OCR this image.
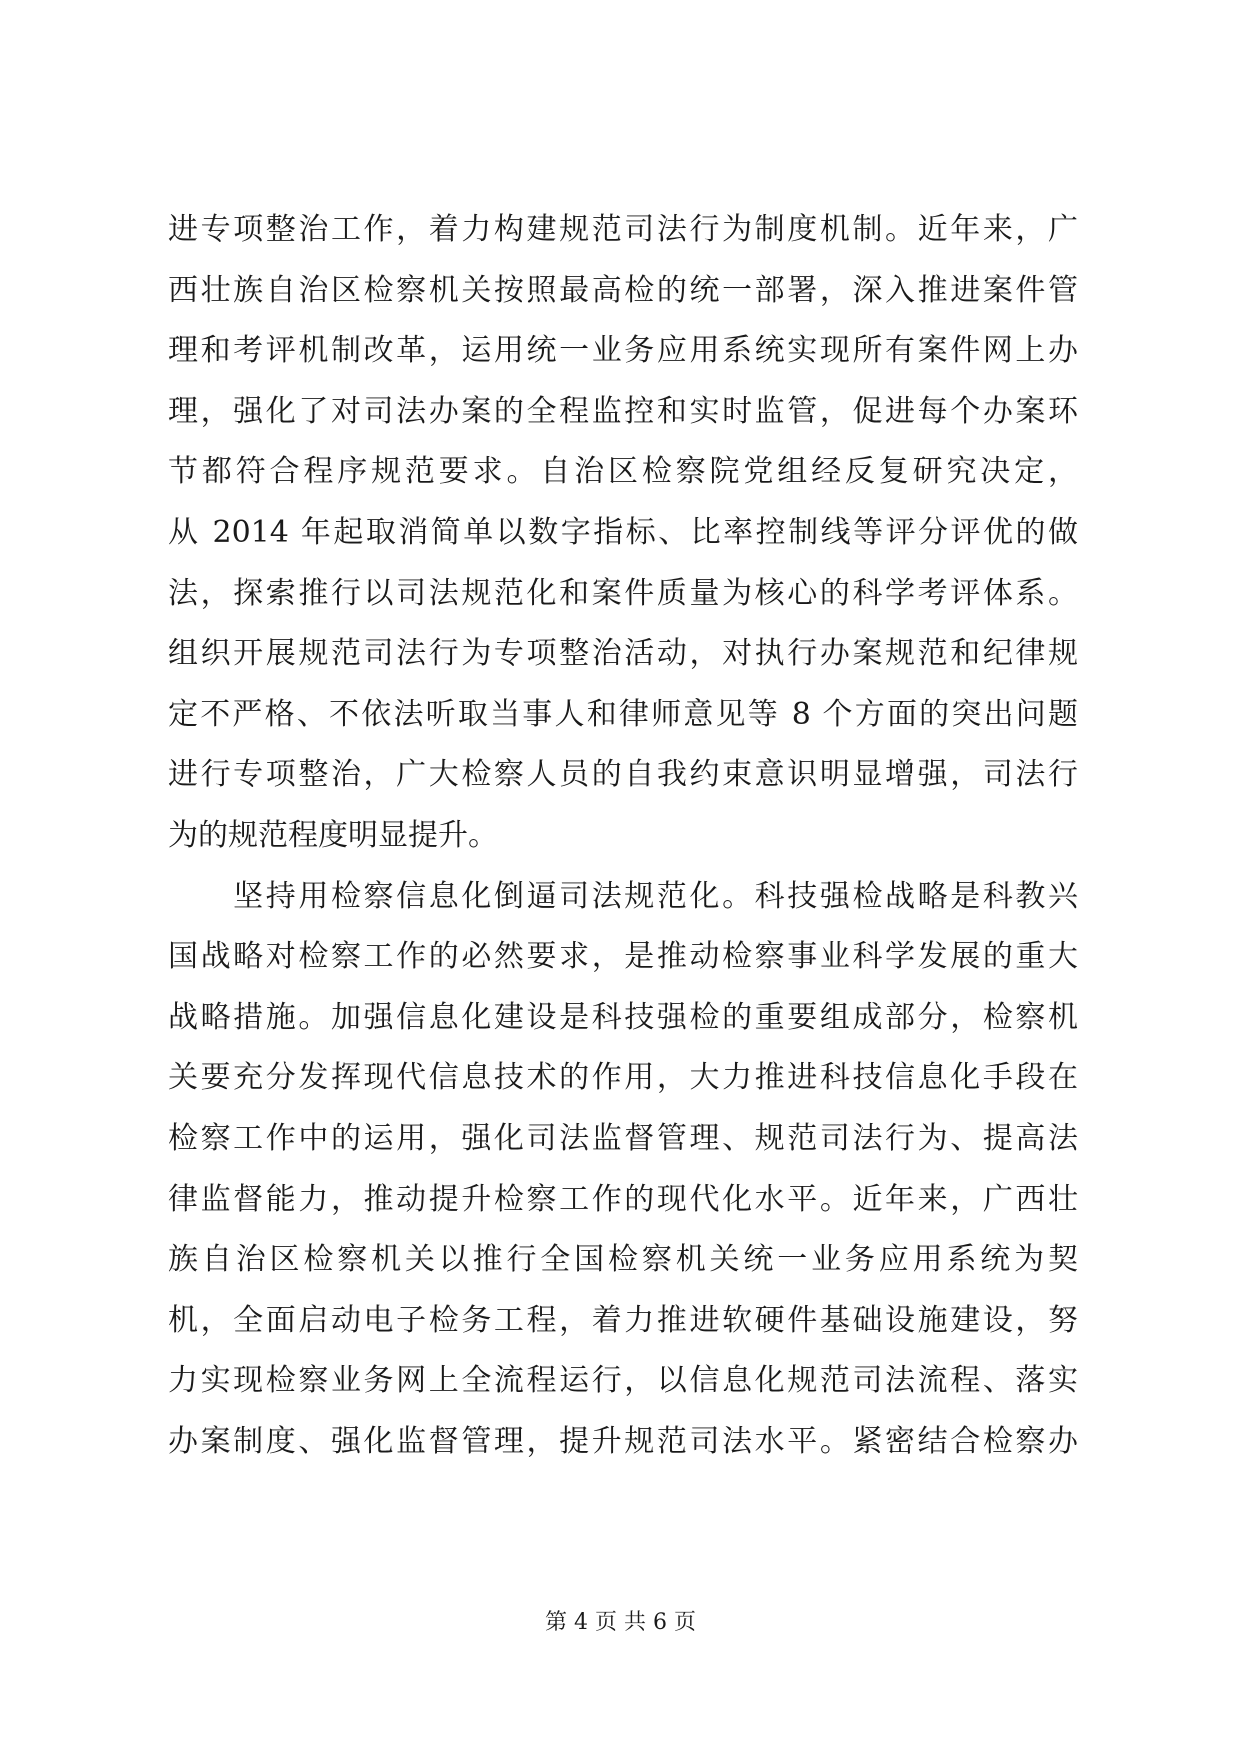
进专项整治工作，着力构建规范司法行为制度机制。近年来，广
西壮族自治区检察机关按照最高检的统一部署，深入推进案件管
理和考评机制改革，运用统一业务应用系统实现所有案件网上办
理，强化了对司法办案的全程监控和实时监管，促进每个办案环
节都符合程序规范要求。自治区检察院党组经反复研究决定，
从 2014 年起取消简单以数字指标、比率控制线等评分评优的做
法，探索推行以司法规范化和案件质量为核心的科学考评体系。
组织开展规范司法行为专项整治活动，对执行办案规范和纪律规
定不严格、不依法听取当事人和律师意见等 8 个方面的突出问题
进行专项整治，广大检察人员的自我约束意识明显增强，司法行
为的规范程度明显提升。
　　坚持用检察信息化倒逼司法规范化。科技强检战略是科教兴
国战略对检察工作的必然要求，是推动检察事业科学发展的重大
战略措施。加强信息化建设是科技强检的重要组成部分，检察机
关要充分发挥现代信息技术的作用，大力推进科技信息化手段在
检察工作中的运用，强化司法监督管理、规范司法行为、提高法
律监督能力，推动提升检察工作的现代化水平。近年来，广西壮
族自治区检察机关以推行全国检察机关统一业务应用系统为契
机，全面启动电子检务工程，着力推进软硬件基础设施建设，努
力实现检察业务网上全流程运行，以信息化规范司法流程、落实
办案制度、强化监督管理，提升规范司法水平。紧密结合检察办
第 4 页 共 6 页
